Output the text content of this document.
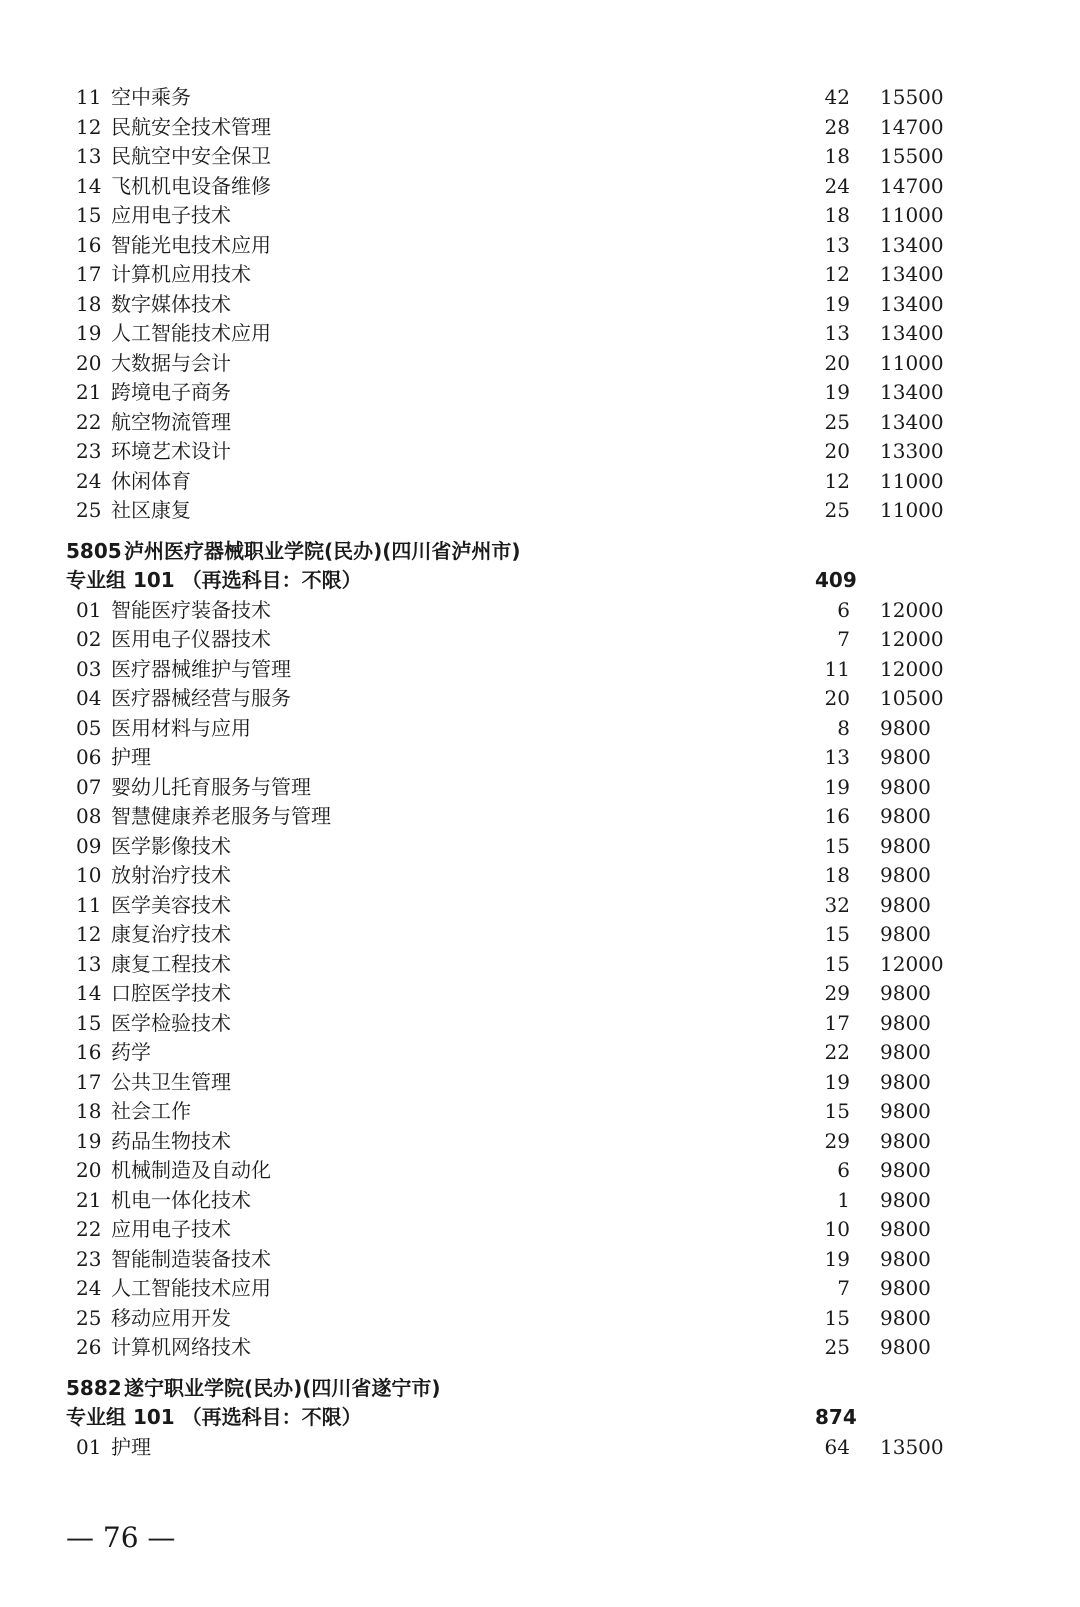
11 空中乘务	42 15500
12 民航安全技术管理	28 14700
13 民航空中安全保卫	18 15500
14 飞机机电设备维修	24 14700
15 应用电子技术	18 11000
16 智能光电技术应用	13 13400
17 计算机应用技术	12 13400
18 数字媒体技术	19 13400
19 人工智能技术应用	13 13400
20 大数据与会计	20 11000
21 跨境电子商务	19 13400
22 航空物流管理	25 13400
23 环境艺术设计	20 13300
24 休闲体育	12 11000
25 社区康复	25 11000
5805 泸州医疗器械职业学院(民办)(四川省泸州市)
专业组 101 （再选科目：不限）	409
01 智能医疗装备技术	6 12000
02 医用电子仪器技术	7 12000
03 医疗器械维护与管理	11 12000
04 医疗器械经营与服务	20 10500
05 医用材料与应用	8 9800
06 护理	13 9800
07 婴幼儿托育服务与管理	19 9800
08 智慧健康养老服务与管理	16 9800
09 医学影像技术	15 9800
10 放射治疗技术	18 9800
11 医学美容技术	32 9800
12 康复治疗技术	15 9800
13 康复工程技术	15 12000
14 口腔医学技术	29 9800
15 医学检验技术	17 9800
16 药学	22 9800
17 公共卫生管理	19 9800
18 社会工作	15 9800
19 药品生物技术	29 9800
20 机械制造及自动化	6 9800
21 机电一体化技术	1 9800
22 应用电子技术	10 9800
23 智能制造装备技术	19 9800
24 人工智能技术应用	7 9800
25 移动应用开发	15 9800
26 计算机网络技术	25 9800
5882 遂宁职业学院(民办)(四川省遂宁市)
专业组 101 （再选科目：不限）	874
01 护理	64 13500
— 76 —
